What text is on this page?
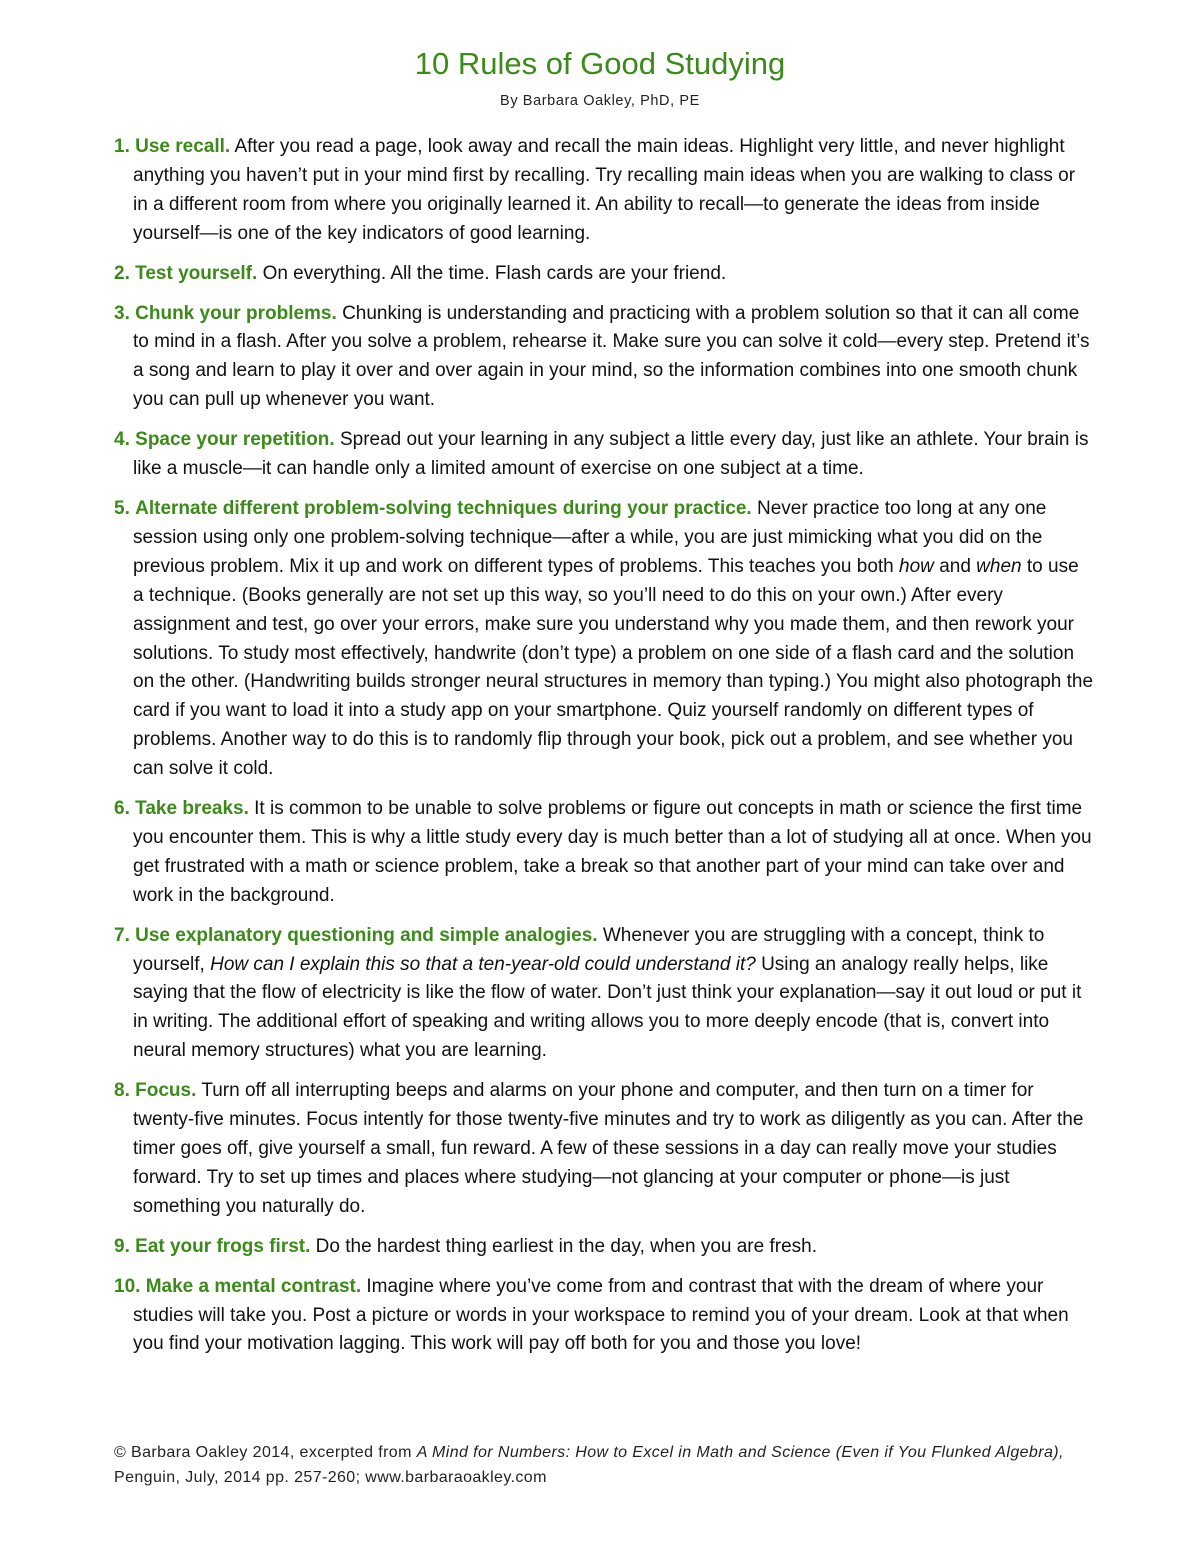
10 Rules of Good Studying
By Barbara Oakley, PhD, PE
1. Use recall. After you read a page, look away and recall the main ideas. Highlight very little, and never highlight anything you haven’t put in your mind first by recalling. Try recalling main ideas when you are walking to class or in a different room from where you originally learned it. An ability to recall—to generate the ideas from inside yourself—is one of the key indicators of good learning.
2. Test yourself. On everything. All the time. Flash cards are your friend.
3. Chunk your problems. Chunking is understanding and practicing with a problem solution so that it can all come to mind in a flash. After you solve a problem, rehearse it. Make sure you can solve it cold—every step. Pretend it’s a song and learn to play it over and over again in your mind, so the information combines into one smooth chunk you can pull up whenever you want.
4. Space your repetition. Spread out your learning in any subject a little every day, just like an athlete. Your brain is like a muscle—it can handle only a limited amount of exercise on one subject at a time.
5. Alternate different problem-solving techniques during your practice. Never practice too long at any one session using only one problem-solving technique—after a while, you are just mimicking what you did on the previous problem. Mix it up and work on different types of problems. This teaches you both how and when to use a technique. (Books generally are not set up this way, so you’ll need to do this on your own.) After every assignment and test, go over your errors, make sure you understand why you made them, and then rework your solutions. To study most effectively, handwrite (don’t type) a problem on one side of a flash card and the solution on the other. (Handwriting builds stronger neural structures in memory than typing.) You might also photograph the card if you want to load it into a study app on your smartphone. Quiz yourself randomly on different types of problems. Another way to do this is to randomly flip through your book, pick out a problem, and see whether you can solve it cold.
6. Take breaks. It is common to be unable to solve problems or figure out concepts in math or science the first time you encounter them. This is why a little study every day is much better than a lot of studying all at once. When you get frustrated with a math or science problem, take a break so that another part of your mind can take over and work in the background.
7. Use explanatory questioning and simple analogies. Whenever you are struggling with a concept, think to yourself, How can I explain this so that a ten-year-old could understand it? Using an analogy really helps, like saying that the flow of electricity is like the flow of water. Don’t just think your explanation—say it out loud or put it in writing. The additional effort of speaking and writing allows you to more deeply encode (that is, convert into neural memory structures) what you are learning.
8. Focus. Turn off all interrupting beeps and alarms on your phone and computer, and then turn on a timer for twenty-five minutes. Focus intently for those twenty-five minutes and try to work as diligently as you can. After the timer goes off, give yourself a small, fun reward. A few of these sessions in a day can really move your studies forward. Try to set up times and places where studying—not glancing at your computer or phone—is just something you naturally do.
9. Eat your frogs first. Do the hardest thing earliest in the day, when you are fresh.
10. Make a mental contrast. Imagine where you’ve come from and contrast that with the dream of where your studies will take you. Post a picture or words in your workspace to remind you of your dream. Look at that when you find your motivation lagging. This work will pay off both for you and those you love!
© Barbara Oakley 2014, excerpted from A Mind for Numbers: How to Excel in Math and Science (Even if You Flunked Algebra), Penguin, July, 2014 pp. 257-260; www.barbaraoakley.com
